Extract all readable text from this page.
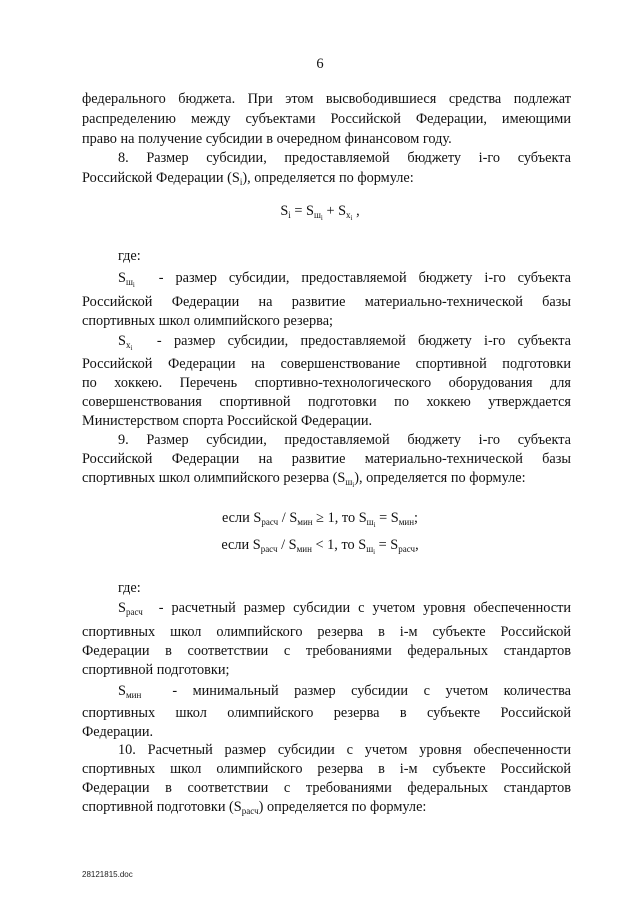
6
федерального бюджета. При этом высвободившиеся средства подлежат
распределению между субъектами Российской Федерации, имеющими
право на получение субсидии в очередном финансовом году.
8. Размер субсидии, предоставляемой бюджету i-го субъекта
Российской Федерации $(S_i)$, определяется по формуле:
где:
$S_{ш_i}$ - размер субсидии, предоставляемой бюджету i-го субъекта
Российской Федерации на развитие материально-технической базы
спортивных школ олимпийского резерва;
$S_{x_i}$ - размер субсидии, предоставляемой бюджету i-го субъекта
Российской Федерации на совершенствование спортивной подготовки
по хоккею. Перечень спортивно-технологического оборудования для
совершенствования спортивной подготовки по хоккею утверждается
Министерством спорта Российской Федерации.
9. Размер субсидии, предоставляемой бюджету i-го субъекта
Российской Федерации на развитие материально-технической базы
спортивных школ олимпийского резерва $(S_{ш_i})$, определяется по формуле:
где:
$S_{расч}$ - расчетный размер субсидии с учетом уровня обеспеченности
спортивных школ олимпийского резерва в i-м субъекте Российской
Федерации в соответствии с требованиями федеральных стандартов
спортивной подготовки;
$S_{мин}$ - минимальный размер субсидии с учетом количества
спортивных школ олимпийского резерва в субъекте Российской
Федерации.
10. Расчетный размер субсидии с учетом уровня обеспеченности
спортивных школ олимпийского резерва в i-м субъекте Российской
Федерации в соответствии с требованиями федеральных стандартов
спортивной подготовки $(S_{расч})$ определяется по формуле:
$S_i = S_{ш_i} + S_{x_i}$ ,
если $S_{расч} / S_{мин} \ge 1$, то $S_{ш_i} = S_{мин}$;
если $S_{расч} / S_{мин} < 1$, то $S_{ш_i} = S_{расч}$,
28121815.doc
